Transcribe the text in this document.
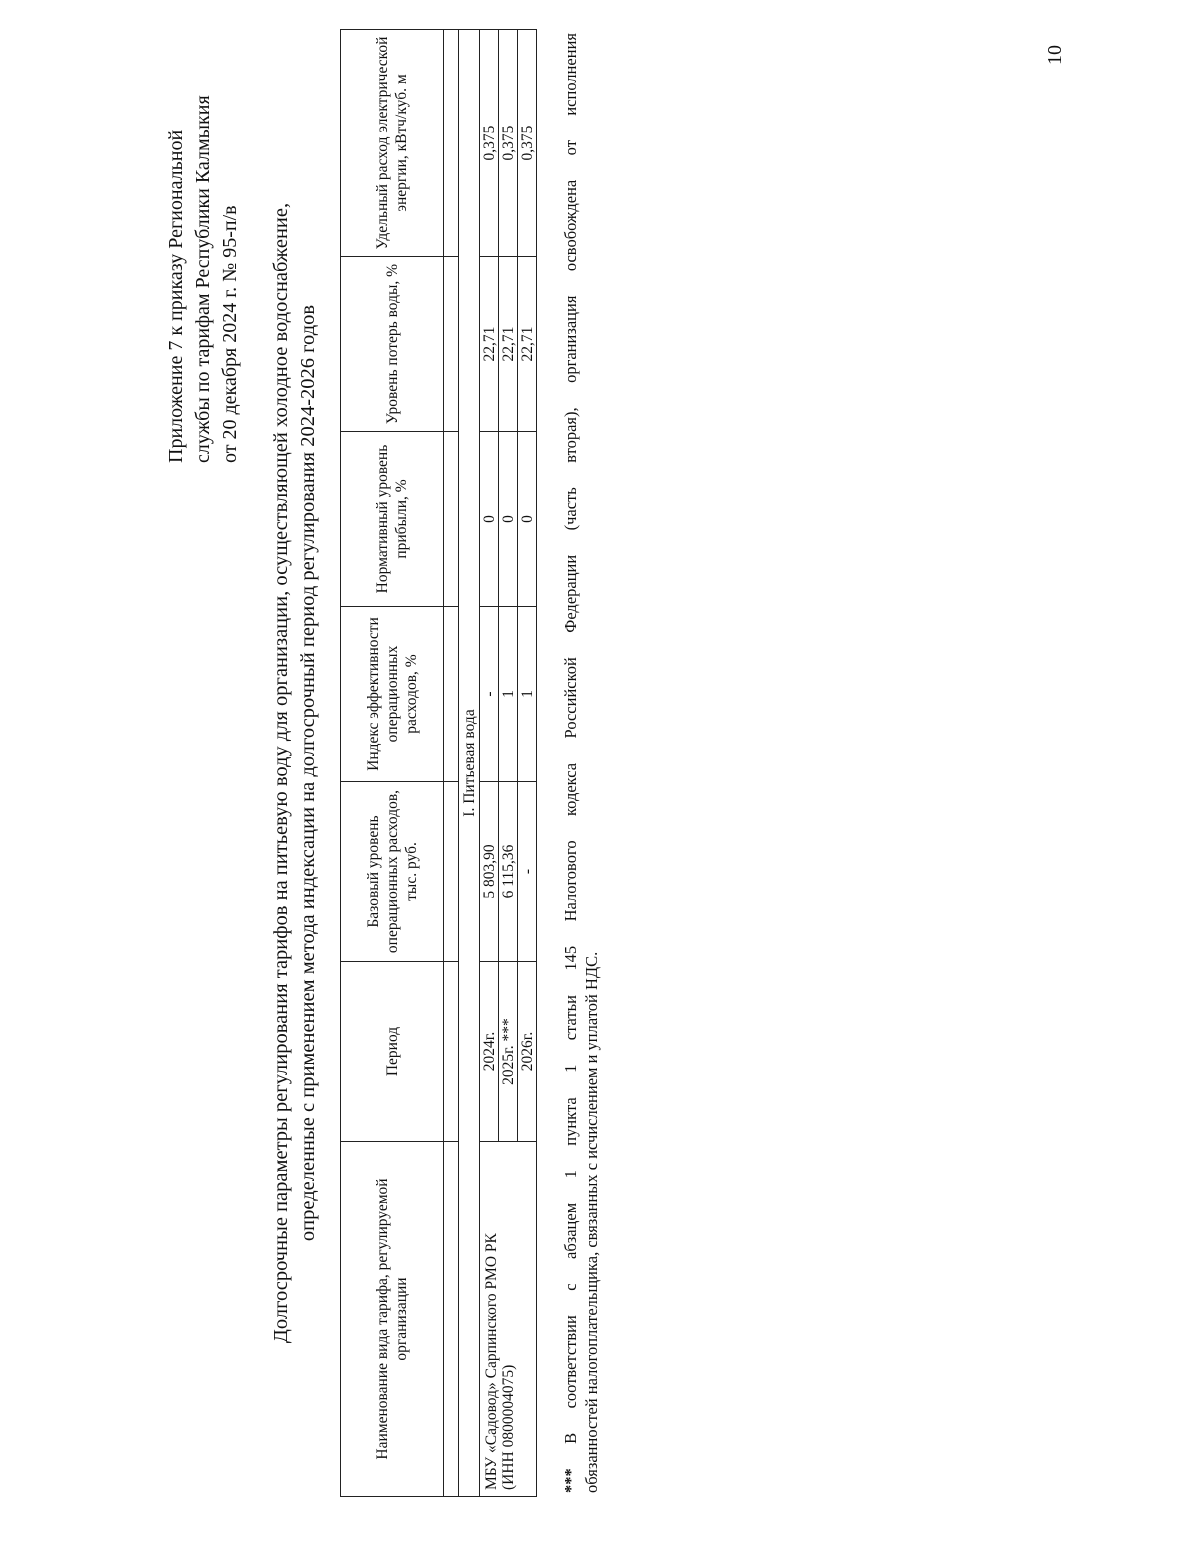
10
Приложение 7 к приказу Региональной службы по тарифам Республики Калмыкия от 20 декабря 2024 г. № 95-п/в Долгосрочные параметры регулирования тарифов на питьевую воду для организации, осуществляющей холодное водоснабжение, определенные с применением метода индексации на долгосрочный период регулирования 2024-2026 годов
Наименование вида тарифа, регулируемой организации	Период	Базовый уровень операционных расходов, тыс. руб.	Индекс эффективности операционных расходов, %	Нормативный уровень прибыли, %	Уровень потерь воды, %	Удельный расход электрической энергии, кВтч/куб. м

I. Питьевая вода						

МБУ «Садовод» Сарпинского РМО РК (ИНН 0800004075)	2024г.	5 803,90	-	0	22,71	0,375
	2025г. ***	6 115,36	1	0	22,71	0,375
	2026г.	-	1	0	22,71	0,375
*** В соответствии с абзацем 1 пункта 1 статьи 145 Налогового кодекса Российской Федерации (часть вторая), организация освобождена от исполнения обязанностей налогоплательщика, связанных с исчислением и уплатой НДС.
